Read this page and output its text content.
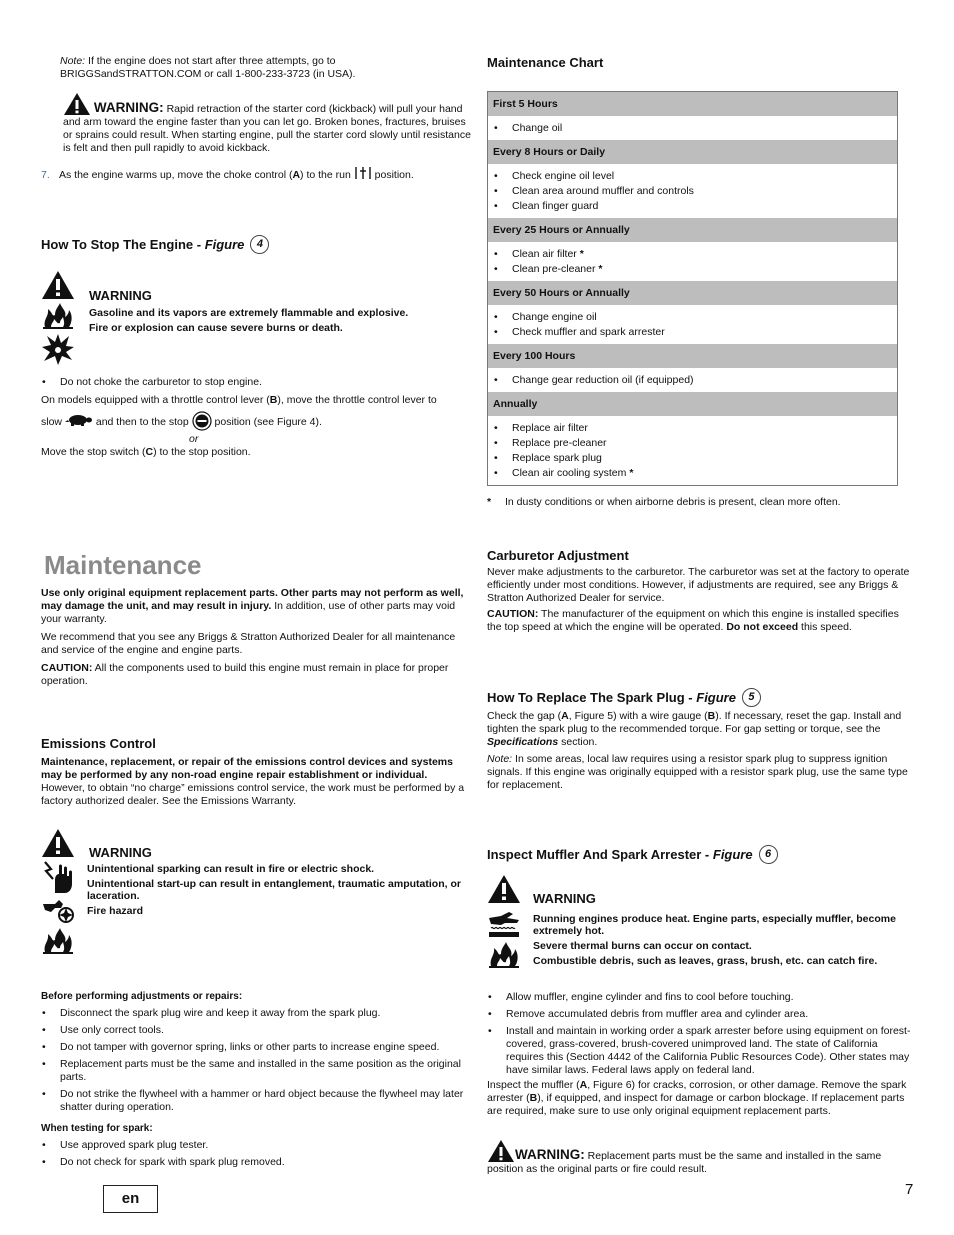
Note: If the engine does not start after three attempts, go to BRIGGSandSTRATTON.COM or call 1-800-233-3723 (in USA).
WARNING: Rapid retraction of the starter cord (kickback) will pull your hand and arm toward the engine faster than you can let go. Broken bones, fractures, bruises or sprains could result. When starting engine, pull the starter cord slowly until resistance is felt and then pull rapidly to avoid kickback.
7. As the engine warms up, move the choke control (A) to the run  position.
How To Stop The Engine - Figure 4
WARNING
Gasoline and its vapors are extremely flammable and explosive.
Fire or explosion can cause severe burns or death.
• Do not choke the carburetor to stop engine.
On models equipped with a throttle control lever (B), move the throttle control lever to
slow	and then to the stop position (see Figure 4).
or
Move the stop switch (C) to the stop position.
Maintenance

Use only original equipment replacement parts. Other parts may not perform as well, may damage the unit, and may result in injury. In addition, use of other parts may void your warranty.

We recommend that you see any Briggs & Stratton Authorized Dealer for all maintenance and service of the engine and engine parts.

CAUTION: All the components used to build this engine must remain in place for proper operation.

Emissions Control

Maintenance, replacement, or repair of the emissions control devices and systems may be performed by any non-road engine repair establishment or individual. However, to obtain “no charge” emissions control service, the work must be performed by a factory authorized dealer. See the Emissions Warranty.

WARNING
Unintentional sparking can result in fire or electric shock.
Unintentional start-up can result in entanglement, traumatic amputation, or laceration.
Fire hazard
Before performing adjustments or repairs:
• Disconnect the spark plug wire and keep it away from the spark plug.
• Use only correct tools.
• Do not tamper with governor spring, links or other parts to increase engine speed.
• Replacement parts must be the same and installed in the same position as the original parts.
• Do not strike the flywheel with a hammer or hard object because the flywheel may later shatter during operation.
When testing for spark:
• Use approved spark plug tester.
• Do not check for spark with spark plug removed.
Maintenance Chart
First 5 Hours
• Change oil
Every 8 Hours or Daily
• Check engine oil level
• Clean area around muffler and controls
• Clean finger guard
Every 25 Hours or Annually
• Clean air filter *
• Clean pre-cleaner *
Every 50 Hours or Annually
• Change engine oil
• Check muffler and spark arrester
Every 100 Hours
• Change gear reduction oil (if equipped)
Annually
• Replace air filter
• Replace pre-cleaner
• Replace spark plug
• Clean air cooling system *
* In dusty conditions or when airborne debris is present, clean more often.
Carburetor Adjustment

Never make adjustments to the carburetor. The carburetor was set at the factory to operate efficiently under most conditions. However, if adjustments are required, see any Briggs & Stratton Authorized Dealer for service.

CAUTION: The manufacturer of the equipment on which this engine is installed specifies the top speed at which the engine will be operated. Do not exceed this speed.

How To Replace The Spark Plug - Figure 5

Check the gap (A, Figure 5) with a wire gauge (B). If necessary, reset the gap. Install and tighten the spark plug to the recommended torque. For gap setting or torque, see the Specifications section.

Note: In some areas, local law requires using a resistor spark plug to suppress ignition signals. If this engine was originally equipped with a resistor spark plug, use the same type for replacement.

Inspect Muffler And Spark Arrester - Figure 6
WARNING
Running engines produce heat. Engine parts, especially muffler, become extremely hot.
Severe thermal burns can occur on contact.
Combustible debris, such as leaves, grass, brush, etc. can catch fire.
• Allow muffler, engine cylinder and fins to cool before touching.
• Remove accumulated debris from muffler area and cylinder area.
• Install and maintain in working order a spark arrester before using equipment on forest-covered, grass-covered, brush-covered unimproved land. The state of California requires this (Section 4442 of the California Public Resources Code). Other states may have similar laws. Federal laws apply on federal land.

Inspect the muffler (A, Figure 6) for cracks, corrosion, or other damage. Remove the spark arrester (B), if equipped, and inspect for damage or carbon blockage. If replacement parts are required, make sure to use only original equipment replacement parts.

WARNING: Replacement parts must be the same and installed in the same position as the original parts or fire could result.
en
7
